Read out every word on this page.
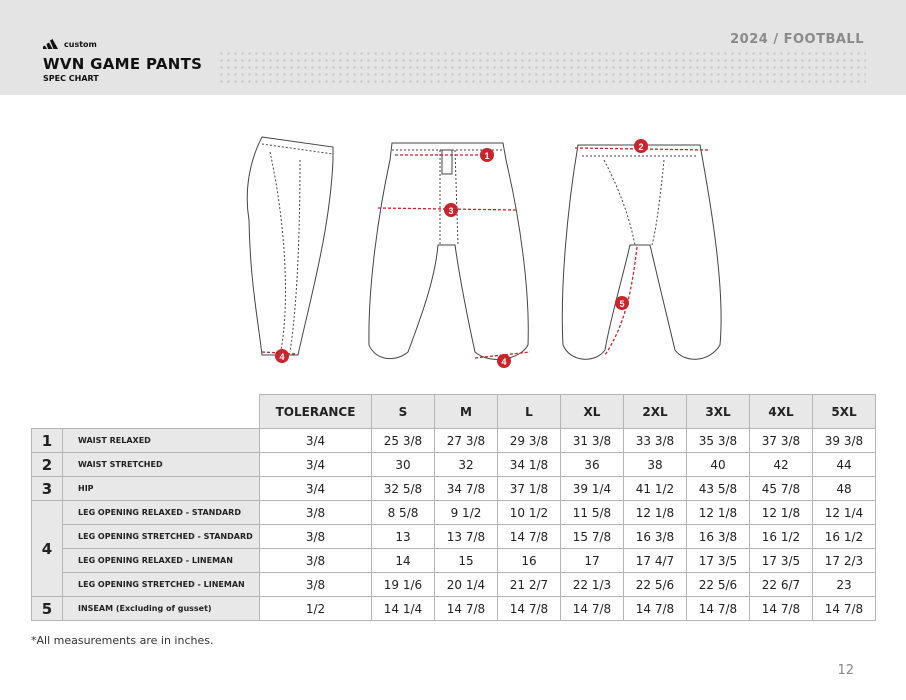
custom
WVN GAME PANTS
SPEC CHART
2024 / FOOTBALL
1
2
3
4	4
5
		TOLERANCE	S	M	L	XL	2XL	3XL	4XL	5XL
1	WAIST RELAXED	3/4	25 3/8	27 3/8	29 3/8	31 3/8	33 3/8	35 3/8	37 3/8	39 3/8
2	WAIST STRETCHED	3/4	30	32	34 1/8	36	38	40	42	44
3	HIP	3/4	32 5/8	34 7/8	37 1/8	39 1/4	41 1/2	43 5/8	45 7/8	48
4	LEG OPENING RELAXED - STANDARD	3/8	8 5/8	9 1/2	10 1/2	11 5/8	12 1/8	12 1/8	12 1/8	12 1/4
	LEG OPENING STRETCHED - STANDARD	3/8	13	13 7/8	14 7/8	15 7/8	16 3/8	16 3/8	16 1/2	16 1/2
	LEG OPENING RELAXED - LINEMAN	3/8	14	15	16	17	17 4/7	17 3/5	17 3/5	17 2/3
	LEG OPENING STRETCHED - LINEMAN	3/8	19 1/6	20 1/4	21 2/7	22 1/3	22 5/6	22 5/6	22 6/7	23
5	INSEAM (Excluding of gusset)	1/2	14 1/4	14 7/8	14 7/8	14 7/8	14 7/8	14 7/8	14 7/8	14 7/8
*All measurements are in inches.
12
